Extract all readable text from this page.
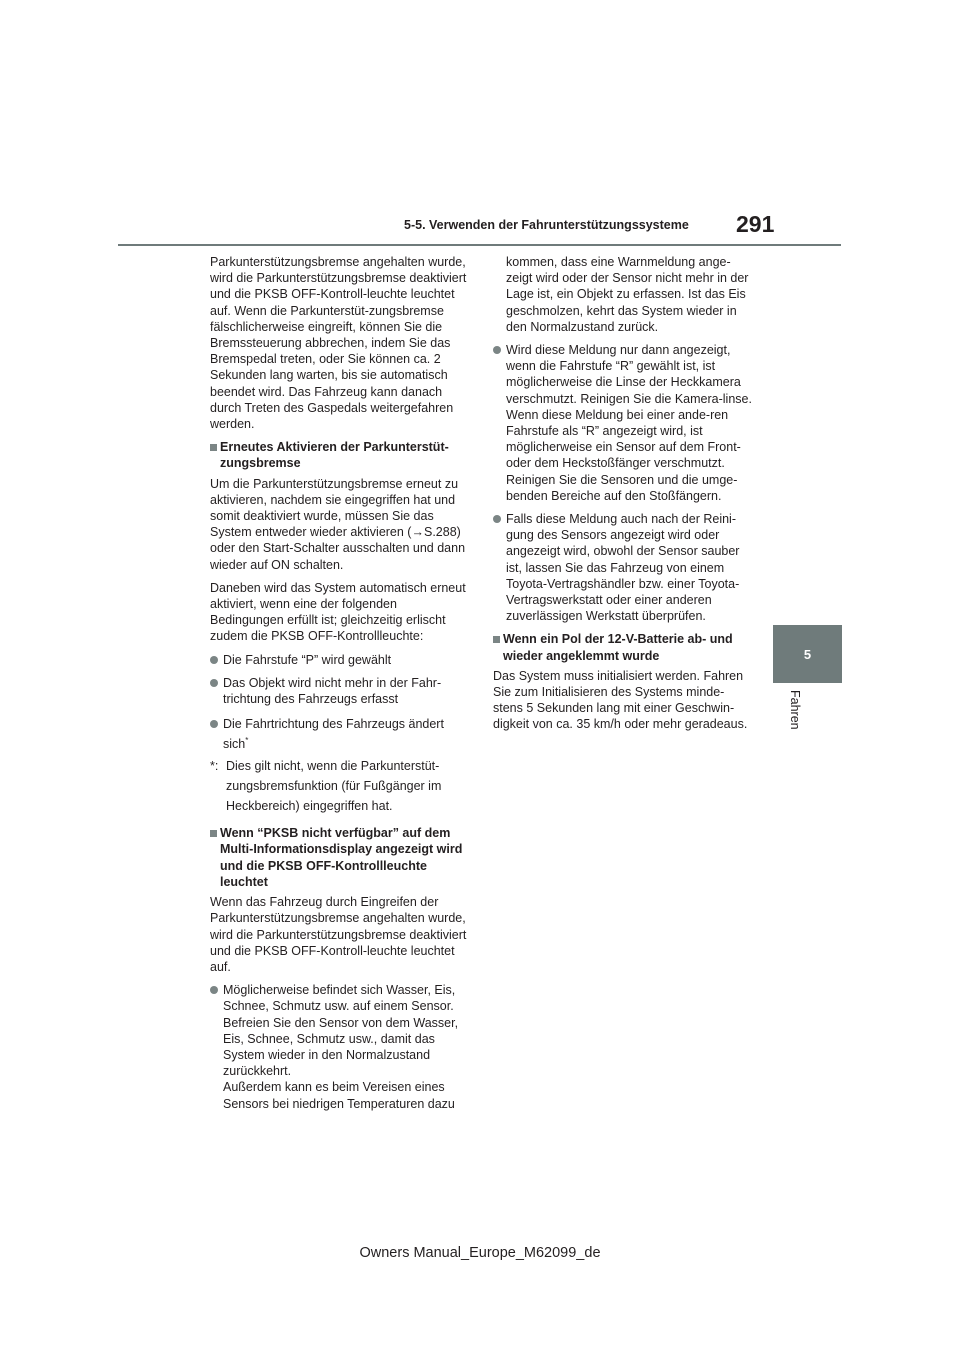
5-5. Verwenden der Fahrunterstützungssysteme	291
5
Fahren

Parkunterstützungsbremse angehalten wurde, wird die Parkunterstützungsbremse deaktiviert und die PKSB OFF-Kontroll-leuchte leuchtet auf. Wenn die Parkunterstüt-zungsbremse fälschlicherweise eingreift, können Sie die Bremssteuerung abbrechen, indem Sie das Bremspedal treten, oder Sie können ca. 2 Sekunden lang warten, bis sie automatisch beendet wird. Das Fahrzeug kann danach durch Treten des Gaspedals weitergefahren werden.

Erneutes Aktivieren der Parkunterstüt-zungsbremse

Um die Parkunterstützungsbremse erneut zu aktivieren, nachdem sie eingegriffen hat und somit deaktiviert wurde, müssen Sie das System entweder wieder aktivieren (→S.288) oder den Start-Schalter ausschalten und dann wieder auf ON schalten.

Daneben wird das System automatisch erneut aktiviert, wenn eine der folgenden Bedingungen erfüllt ist; gleichzeitig erlischt zudem die PKSB OFF-Kontrollleuchte:

Die Fahrstufe “P” wird gewählt
Das Objekt wird nicht mehr in der Fahr-trichtung des Fahrzeugs erfasst
Die Fahrtrichtung des Fahrzeugs ändert sich*
*: Dies gilt nicht, wenn die Parkunterstüt-zungsbremsfunktion (für Fußgänger im Heckbereich) eingegriffen hat.
Wenn “PKSB nicht verfügbar” auf dem Multi-Informationsdisplay angezeigt wird und die PKSB OFF-Kontrollleuchte leuchtet

Wenn das Fahrzeug durch Eingreifen der Parkunterstützungsbremse angehalten wurde, wird die Parkunterstützungsbremse deaktiviert und die PKSB OFF-Kontroll-leuchte leuchtet auf.

Möglicherweise befindet sich Wasser, Eis, Schnee, Schmutz usw. auf einem Sensor. Befreien Sie den Sensor von dem Wasser, Eis, Schnee, Schmutz usw., damit das System wieder in den Normalzustand zurückkehrt.
Außerdem kann es beim Vereisen eines Sensors bei niedrigen Temperaturen dazu

kommen, dass eine Warnmeldung ange-zeigt wird oder der Sensor nicht mehr in der Lage ist, ein Objekt zu erfassen. Ist das Eis geschmolzen, kehrt das System wieder in den Normalzustand zurück.

Wird diese Meldung nur dann angezeigt, wenn die Fahrstufe “R” gewählt ist, ist möglicherweise die Linse der Heckkamera verschmutzt. Reinigen Sie die Kamera-linse. Wenn diese Meldung bei einer ande-ren Fahrstufe als “R” angezeigt wird, ist möglicherweise ein Sensor auf dem Front- oder dem Heckstoßfänger verschmutzt. Reinigen Sie die Sensoren und die umge-benden Bereiche auf den Stoßfängern.
Falls diese Meldung auch nach der Reini-gung des Sensors angezeigt wird oder angezeigt wird, obwohl der Sensor sauber ist, lassen Sie das Fahrzeug von einem Toyota-Vertragshändler bzw. einer Toyota-Vertragswerkstatt oder einer anderen zuverlässigen Werkstatt überprüfen.
Wenn ein Pol der 12-V-Batterie ab- und wieder angeklemmt wurde

Das System muss initialisiert werden. Fahren Sie zum Initialisieren des Systems minde-stens 5 Sekunden lang mit einer Geschwin-digkeit von ca. 35 km/h oder mehr geradeaus.

Owners Manual_Europe_M62099_de
